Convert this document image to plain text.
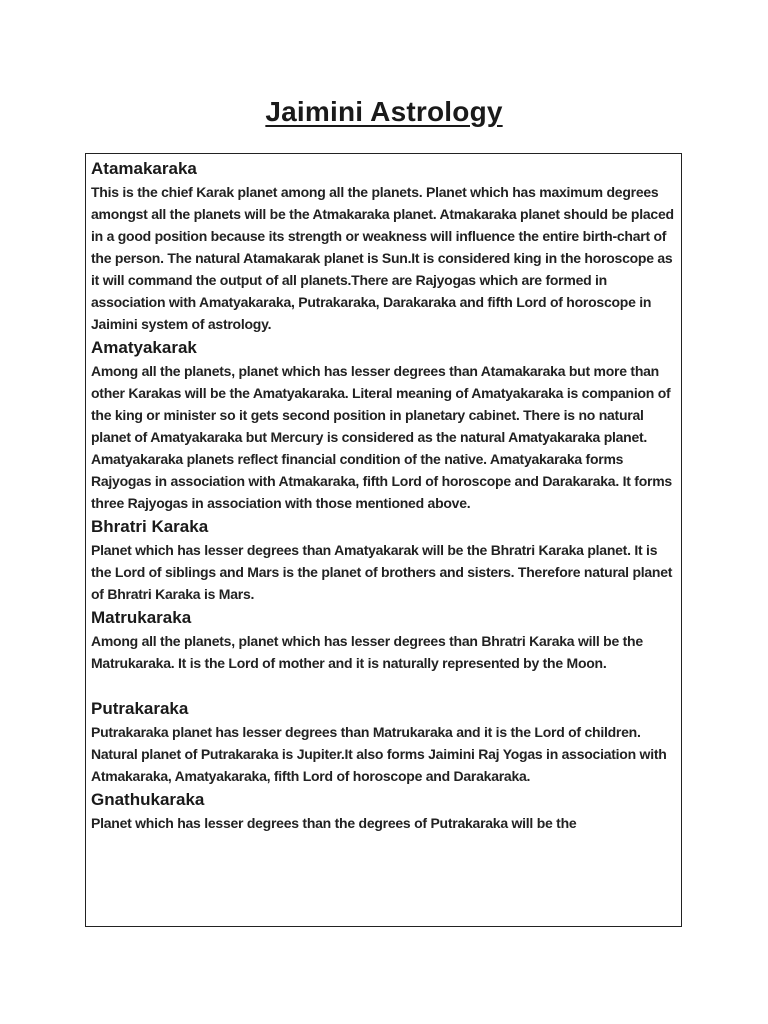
Jaimini Astrology
Atamakaraka

This is the chief Karak planet among all the planets. Planet which has maximum degrees amongst all the planets will be the Atmakaraka planet. Atmakaraka planet should be placed in a good position because its strength or weakness will influence the entire birth-chart of the person. The natural Atamakarak planet is Sun.It is considered king in the horoscope as it will command the output of all planets.There are Rajyogas which are formed in association with Amatyakaraka, Putrakaraka, Darakaraka and fifth Lord of horoscope in Jaimini system of astrology.

Amatyakarak

Among all the planets, planet which has lesser degrees than Atamakaraka but more than other Karakas will be the Amatyakaraka. Literal meaning of Amatyakaraka is companion of the king or minister so it gets second position in planetary cabinet. There is no natural planet of Amatyakaraka but Mercury is considered as the natural Amatyakaraka planet. Amatyakaraka planets reflect financial condition of the native. Amatyakaraka forms Rajyogas in association with Atmakaraka, fifth Lord of horoscope and Darakaraka. It forms three Rajyogas in association with those mentioned above.

Bhratri Karaka

Planet which has lesser degrees than Amatyakarak will be the Bhratri Karaka planet. It is the Lord of siblings and Mars is the planet of brothers and sisters. Therefore natural planet of Bhratri Karaka is Mars.

Matrukaraka

Among all the planets, planet which has lesser degrees than Bhratri Karaka will be the Matrukaraka. It is the Lord of mother and it is naturally represented by the Moon.

Putrakaraka

Putrakaraka planet has lesser degrees than Matrukaraka and it is the Lord of children. Natural planet of Putrakaraka is Jupiter.It also forms Jaimini Raj Yogas in association with Atmakaraka, Amatyakaraka, fifth Lord of horoscope and Darakaraka.

Gnathukaraka

Planet which has lesser degrees than the degrees of Putrakaraka will be the
